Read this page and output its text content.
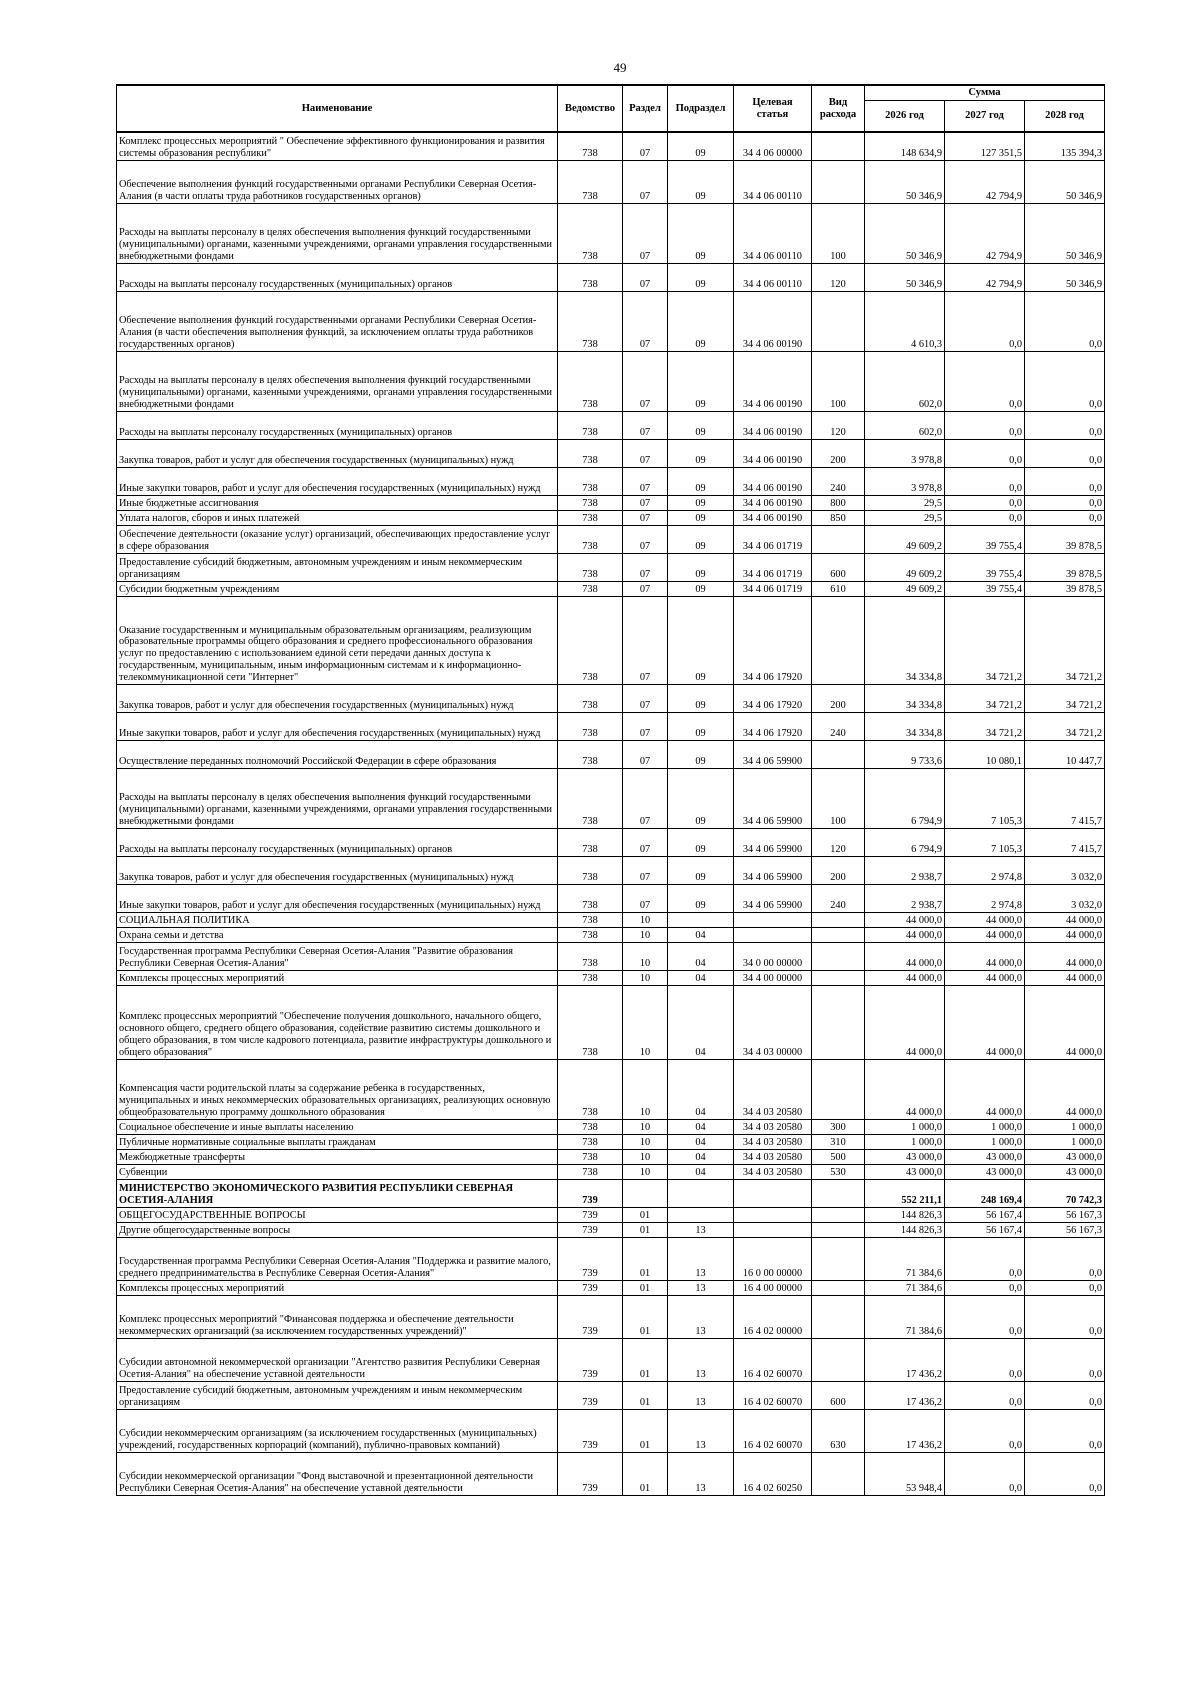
49
Наименование	Ведомство	Раздел	Подраздел	Целевая статья	Вид расхода	Сумма		
						2026 год	2027 год	2028 год
Комплекс процессных мероприятий " Обеспечение эффективного функционирования и развития системы образования республики"	738	07	09	34 4 06 00000		148 634,9	127 351,5	135 394,3
Обеспечение выполнения функций государственными органами Республики Северная Осетия-Алания (в части оплаты труда работников государственных органов)	738	07	09	34 4 06 00110		50 346,9	42 794,9	50 346,9
Расходы на выплаты персоналу в целях обеспечения выполнения функций государственными (муниципальными) органами, казенными учреждениями, органами управления государственными внебюджетными фондами	738	07	09	34 4 06 00110	100	50 346,9	42 794,9	50 346,9
Расходы на выплаты персоналу государственных (муниципальных) органов	738	07	09	34 4 06 00110	120	50 346,9	42 794,9	50 346,9
Обеспечение выполнения функций государственными органами Республики Северная Осетия-Алания (в части обеспечения выполнения функций, за исключением оплаты труда работников государственных органов)	738	07	09	34 4 06 00190		4 610,3	0,0	0,0
Расходы на выплаты персоналу в целях обеспечения выполнения функций государственными (муниципальными) органами, казенными учреждениями, органами управления государственными внебюджетными фондами	738	07	09	34 4 06 00190	100	602,0	0,0	0,0
Расходы на выплаты персоналу государственных (муниципальных) органов	738	07	09	34 4 06 00190	120	602,0	0,0	0,0
Закупка товаров, работ и услуг для обеспечения государственных (муниципальных) нужд	738	07	09	34 4 06 00190	200	3 978,8	0,0	0,0
Иные закупки товаров, работ и услуг для обеспечения государственных (муниципальных) нужд	738	07	09	34 4 06 00190	240	3 978,8	0,0	0,0
Иные бюджетные ассигнования	738	07	09	34 4 06 00190	800	29,5	0,0	0,0
Уплата налогов, сборов и иных платежей	738	07	09	34 4 06 00190	850	29,5	0,0	0,0
Обеспечение деятельности (оказание услуг) организаций, обеспечивающих предоставление услуг в сфере образования	738	07	09	34 4 06 01719		49 609,2	39 755,4	39 878,5
Предоставление субсидий бюджетным, автономным учреждениям и иным некоммерческим организациям	738	07	09	34 4 06 01719	600	49 609,2	39 755,4	39 878,5
Субсидии бюджетным учреждениям	738	07	09	34 4 06 01719	610	49 609,2	39 755,4	39 878,5
Оказание государственным и муниципальным образовательным организациям, реализующим образовательные программы общего образования и среднего профессионального образования услуг по предоставлению с использованием единой сети передачи данных доступа к государственным, муниципальным, иным информационным системам и к информационно-телекоммуникационной сети "Интернет"	738	07	09	34 4 06 17920		34 334,8	34 721,2	34 721,2
Закупка товаров, работ и услуг для обеспечения государственных (муниципальных) нужд	738	07	09	34 4 06 17920	200	34 334,8	34 721,2	34 721,2
Иные закупки товаров, работ и услуг для обеспечения государственных (муниципальных) нужд	738	07	09	34 4 06 17920	240	34 334,8	34 721,2	34 721,2
Осуществление переданных полномочий Российской Федерации в сфере образования	738	07	09	34 4 06 59900		9 733,6	10 080,1	10 447,7
Расходы на выплаты персоналу в целях обеспечения выполнения функций государственными (муниципальными) органами, казенными учреждениями, органами управления государственными внебюджетными фондами	738	07	09	34 4 06 59900	100	6 794,9	7 105,3	7 415,7
Расходы на выплаты персоналу государственных (муниципальных) органов	738	07	09	34 4 06 59900	120	6 794,9	7 105,3	7 415,7
Закупка товаров, работ и услуг для обеспечения государственных (муниципальных) нужд	738	07	09	34 4 06 59900	200	2 938,7	2 974,8	3 032,0
Иные закупки товаров, работ и услуг для обеспечения государственных (муниципальных) нужд	738	07	09	34 4 06 59900	240	2 938,7	2 974,8	3 032,0
СОЦИАЛЬНАЯ ПОЛИТИКА	738	10				44 000,0	44 000,0	44 000,0
Охрана семьи и детства	738	10	04			44 000,0	44 000,0	44 000,0
Государственная программа Республики Северная Осетия-Алания "Развитие образования Республики Северная Осетия-Алания"	738	10	04	34 0 00 00000		44 000,0	44 000,0	44 000,0
Комплексы процессных мероприятий	738	10	04	34 4 00 00000		44 000,0	44 000,0	44 000,0
Комплекс процессных мероприятий "Обеспечение получения дошкольного, начального общего, основного общего, среднего общего образования, содействие развитию системы дошкольного и общего образования, в том числе кадрового потенциала, развитие инфраструктуры дошкольного и общего образования"	738	10	04	34 4 03 00000		44 000,0	44 000,0	44 000,0
Компенсация части родительской платы за содержание ребенка в государственных, муниципальных и иных некоммерческих образовательных организациях, реализующих основную общеобразовательную программу дошкольного образования	738	10	04	34 4 03 20580		44 000,0	44 000,0	44 000,0
Социальное обеспечение и иные выплаты населению	738	10	04	34 4 03 20580	300	1 000,0	1 000,0	1 000,0
Публичные нормативные социальные выплаты гражданам	738	10	04	34 4 03 20580	310	1 000,0	1 000,0	1 000,0
Межбюджетные трансферты	738	10	04	34 4 03 20580	500	43 000,0	43 000,0	43 000,0
Субвенции	738	10	04	34 4 03 20580	530	43 000,0	43 000,0	43 000,0
МИНИСТЕРСТВО ЭКОНОМИЧЕСКОГО РАЗВИТИЯ РЕСПУБЛИКИ СЕВЕРНАЯ ОСЕТИЯ-АЛАНИЯ	739					552 211,1	248 169,4	70 742,3
ОБЩЕГОСУДАРСТВЕННЫЕ ВОПРОСЫ	739	01				144 826,3	56 167,4	56 167,3
Другие общегосударственные вопросы	739	01	13			144 826,3	56 167,4	56 167,3
Государственная программа Республики Северная Осетия-Алания "Поддержка и развитие малого, среднего предпринимательства в Республике Северная Осетия-Алания"	739	01	13	16 0 00 00000		71 384,6	0,0	0,0
Комплексы процессных мероприятий	739	01	13	16 4 00 00000		71 384,6	0,0	0,0
Комплекс процессных мероприятий "Финансовая поддержка и обеспечение деятельности некоммерческих организаций (за исключением государственных учреждений)"	739	01	13	16 4 02 00000		71 384,6	0,0	0,0
Субсидии автономной некоммерческой организации "Агентство развития Республики Северная Осетия-Алания" на обеспечение уставной деятельности	739	01	13	16 4 02 60070		17 436,2	0,0	0,0
Предоставление субсидий бюджетным, автономным учреждениям и иным некоммерческим организациям	739	01	13	16 4 02 60070	600	17 436,2	0,0	0,0
Субсидии некоммерческим организациям (за исключением государственных (муниципальных) учреждений, государственных корпораций (компаний), публично-правовых компаний)	739	01	13	16 4 02 60070	630	17 436,2	0,0	0,0
Субсидии некоммерческой организации "Фонд выставочной и презентационной деятельности Республики Северная Осетия-Алания" на обеспечение уставной деятельности	739	01	13	16 4 02 60250		53 948,4	0,0	0,0
